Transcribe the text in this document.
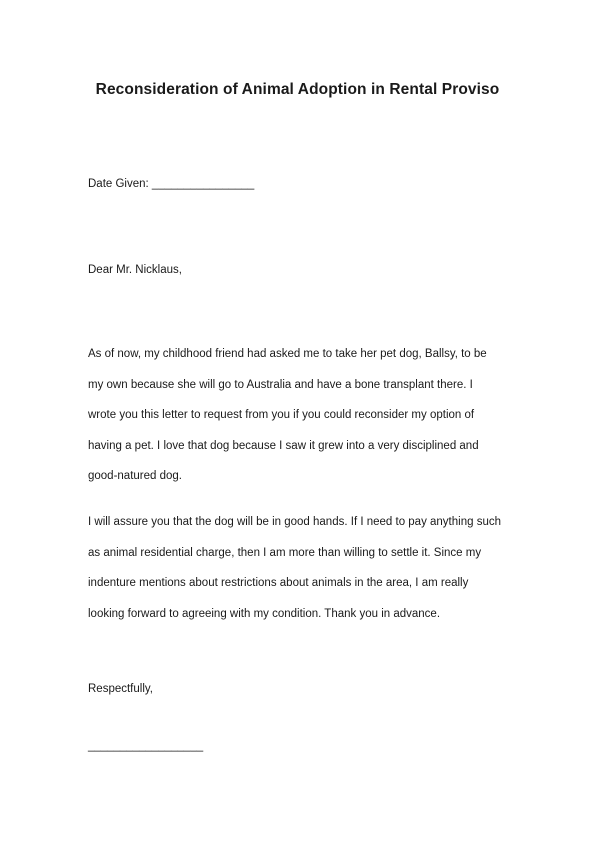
Reconsideration of Animal Adoption in Rental Proviso

Date Given: ________________

Dear Mr. Nicklaus,

As of now, my childhood friend had asked me to take her pet dog, Ballsy, to be
my own because she will go to Australia and have a bone transplant there. I
wrote you this letter to request from you if you could reconsider my option of
having a pet. I love that dog because I saw it grew into a very disciplined and
good-natured dog.
I will assure you that the dog will be in good hands. If I need to pay anything such
as animal residential charge, then I am more than willing to settle it. Since my
indenture mentions about restrictions about animals in the area, I am really
looking forward to agreeing with my condition. Thank you in advance.

Respectfully,

__________________
